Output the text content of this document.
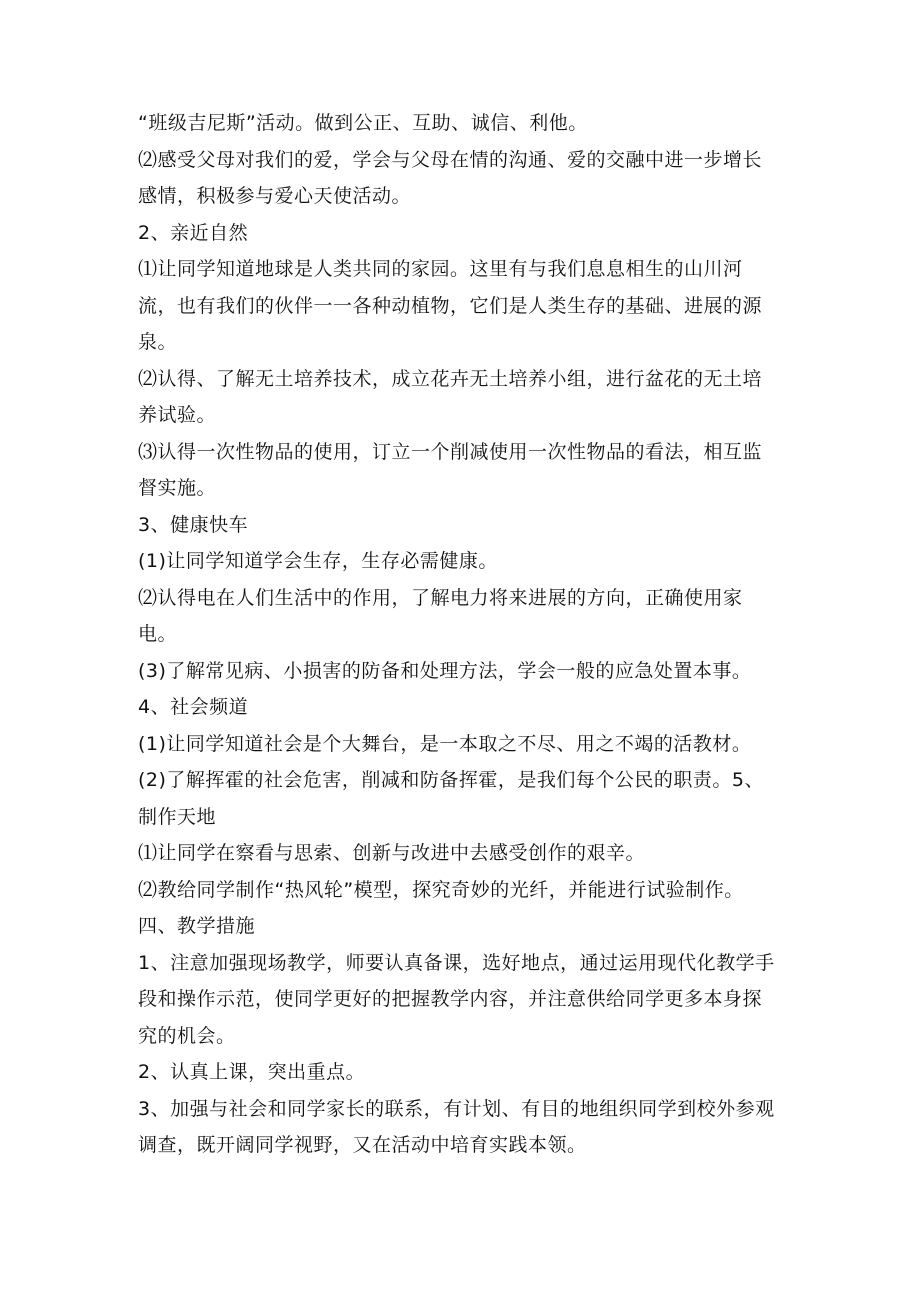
“班级吉尼斯”活动。做到公正、互助、诚信、利他。

⑵感受父母对我们的爱，学会与父母在情的沟通、爱的交融中进一步增长

感情，积极参与爱心天使活动。

2、亲近自然

⑴让同学知道地球是人类共同的家园。这里有与我们息息相生的山川河

流，也有我们的伙伴一一各种动植物，它们是人类生存的基础、进展的源

泉。

⑵认得、了解无土培养技术，成立花卉无土培养小组，进行盆花的无土培

养试验。

⑶认得一次性物品的使用，订立一个削减使用一次性物品的看法，相互监

督实施。

3、健康快车

(1)让同学知道学会生存，生存必需健康。

⑵认得电在人们生活中的作用，了解电力将来进展的方向，正确使用家

电。

(3)了解常见病、小损害的防备和处理方法，学会一般的应急处置本事。

4、社会频道

(1)让同学知道社会是个大舞台，是一本取之不尽、用之不竭的活教材。

(2)了解挥霍的社会危害，削减和防备挥霍，是我们每个公民的职责。5、

制作天地

⑴让同学在察看与思索、创新与改进中去感受创作的艰辛。

⑵教给同学制作“热风轮”模型，探究奇妙的光纤，并能进行试验制作。

四、教学措施

1、注意加强现场教学，师要认真备课，选好地点，通过运用现代化教学手

段和操作示范，使同学更好的把握教学内容，并注意供给同学更多本身探

究的机会。

2、认真上课，突出重点。

3、加强与社会和同学家长的联系，有计划、有目的地组织同学到校外参观

调查，既开阔同学视野，又在活动中培育实践本领。
